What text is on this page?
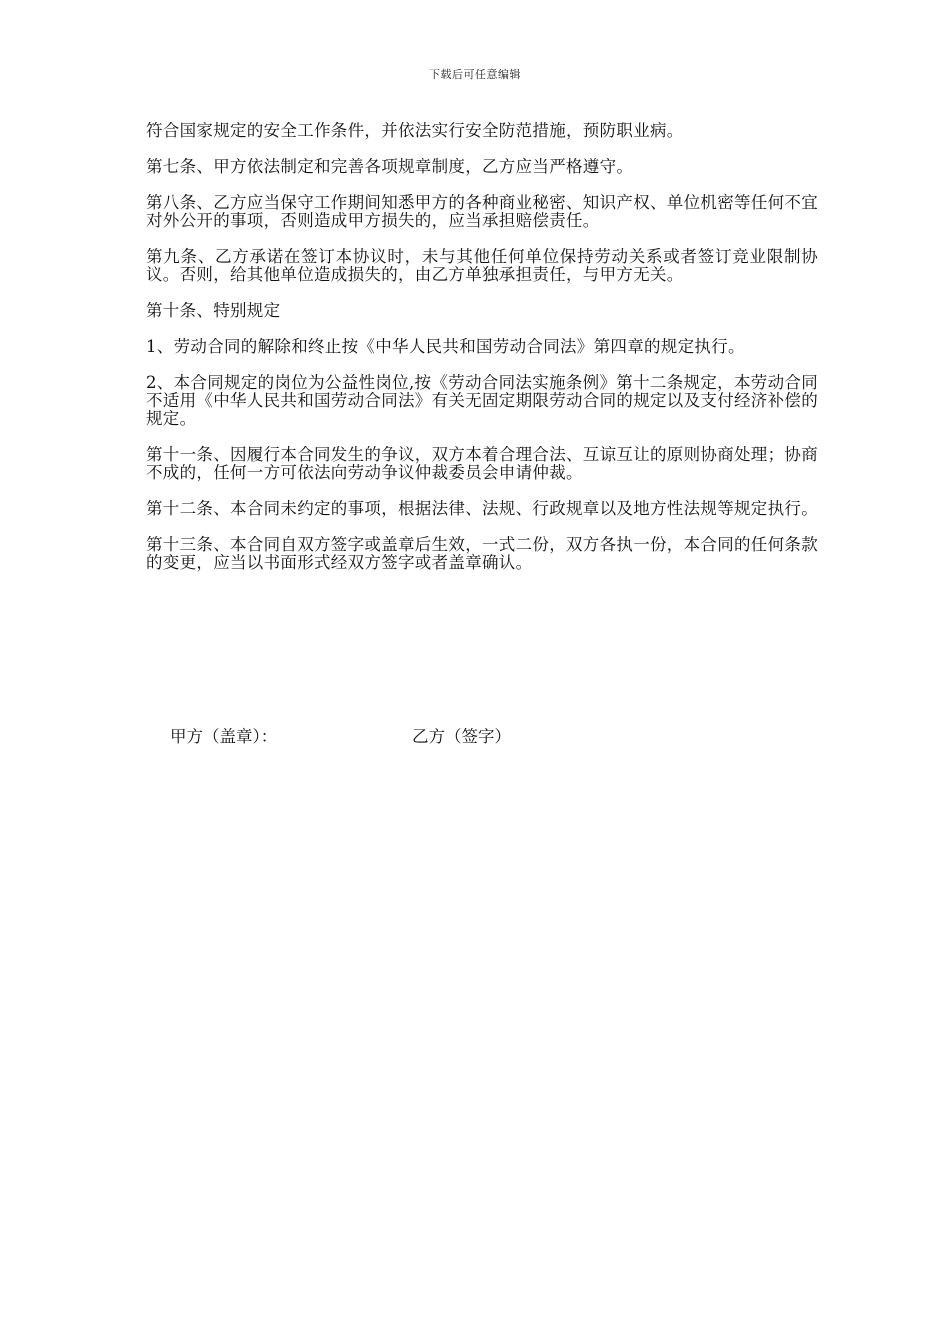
下载后可任意编辑

符合国家规定的安全工作条件，并依法实行安全防范措施，预防职业病。

第七条、甲方依法制定和完善各项规章制度，乙方应当严格遵守。

第八条、乙方应当保守工作期间知悉甲方的各种商业秘密、知识产权、单位机密等任何不宜对外公开的事项，否则造成甲方损失的，应当承担赔偿责任。

第九条、乙方承诺在签订本协议时，未与其他任何单位保持劳动关系或者签订竞业限制协议。否则，给其他单位造成损失的，由乙方单独承担责任，与甲方无关。

第十条、特别规定

1、劳动合同的解除和终止按《中华人民共和国劳动合同法》第四章的规定执行。

2、本合同规定的岗位为公益性岗位,按《劳动合同法实施条例》第十二条规定，本劳动合同不适用《中华人民共和国劳动合同法》有关无固定期限劳动合同的规定以及支付经济补偿的规定。

第十一条、因履行本合同发生的争议，双方本着合理合法、互谅互让的原则协商处理；协商不成的，任何一方可依法向劳动争议仲裁委员会申请仲裁。

第十二条、本合同未约定的事项，根据法律、法规、行政规章以及地方性法规等规定执行。

第十三条、本合同自双方签字或盖章后生效，一式二份，双方各执一份，本合同的任何条款的变更，应当以书面形式经双方签字或者盖章确认。

甲方（盖章）：	乙方（签字）
